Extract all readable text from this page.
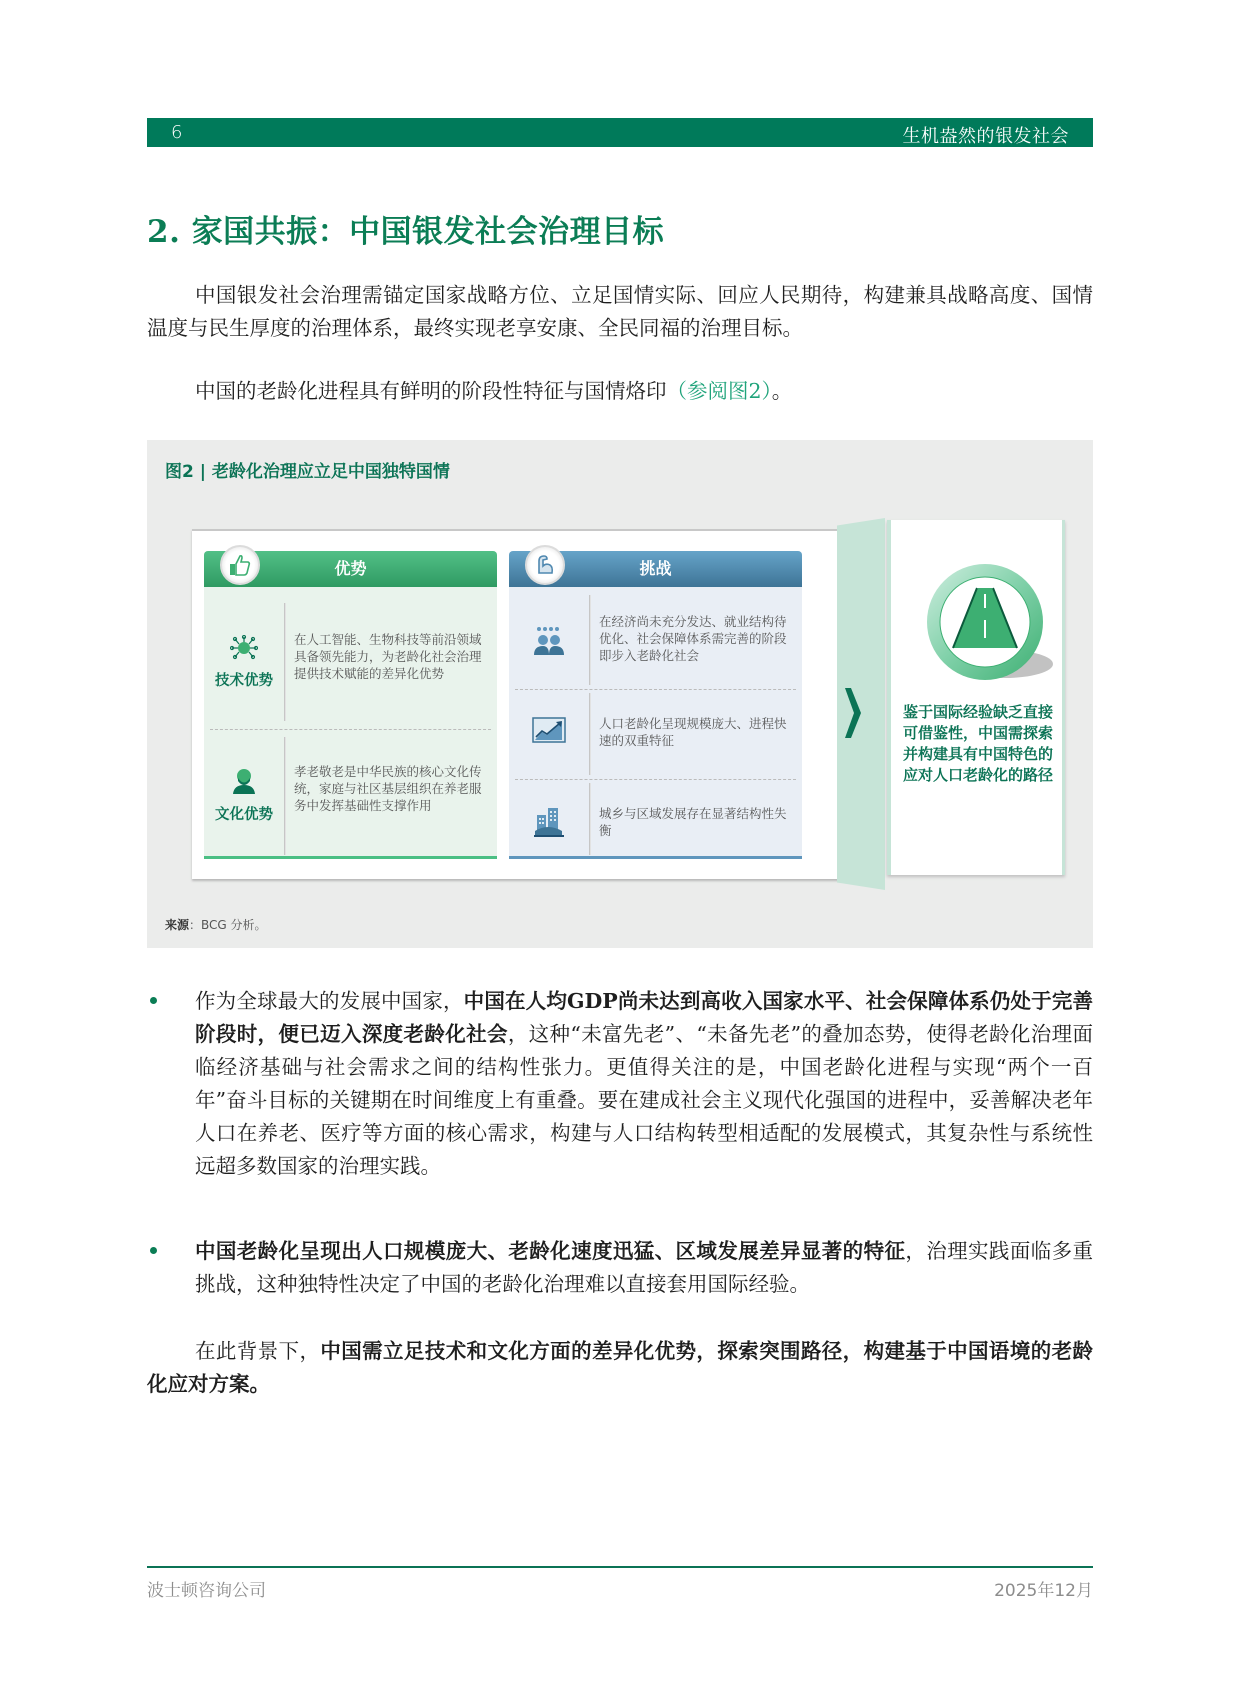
6	生机盎然的银发社会
2. 家国共振：中国银发社会治理目标

中国银发社会治理需锚定国家战略方位、立足国情实际、回应人民期待，构建兼具战略高度、国情温度与民生厚度的治理体系，最终实现老享安康、全民同福的治理目标。

中国的老龄化进程具有鲜明的阶段性特征与国情烙印（参阅图2）。

图2 | 老龄化治理应立足中国独特国情
优势
技术优势
在人工智能、生物科技等前沿领域具备领先能力，为老龄化社会治理提供技术赋能的差异化优势
文化优势
孝老敬老是中华民族的核心文化传统，家庭与社区基层组织在养老服务中发挥基础性支撑作用
挑战
在经济尚未充分发达、就业结构待优化、社会保障体系需完善的阶段即步入老龄化社会
人口老龄化呈现规模庞大、进程快速的双重特征
城乡与区域发展存在显著结构性失衡
鉴于国际经验缺乏直接可借鉴性，中国需探索并构建具有中国特色的应对人口老龄化的路径
来源：BCG 分析。

作为全球最大的发展中国家，中国在人均GDP尚未达到高收入国家水平、社会保障体系仍处于完善阶段时，便已迈入深度老龄化社会，这种“未富先老”、“未备先老”的叠加态势，使得老龄化治理面临经济基础与社会需求之间的结构性张力。更值得关注的是，中国老龄化进程与实现“两个一百年”奋斗目标的关键期在时间维度上有重叠。要在建成社会主义现代化强国的进程中，妥善解决老年人口在养老、医疗等方面的核心需求，构建与人口结构转型相适配的发展模式，其复杂性与系统性远超多数国家的治理实践。

中国老龄化呈现出人口规模庞大、老龄化速度迅猛、区域发展差异显著的特征，治理实践面临多重挑战，这种独特性决定了中国的老龄化治理难以直接套用国际经验。

在此背景下，中国需立足技术和文化方面的差异化优势，探索突围路径，构建基于中国语境的老龄化应对方案。

波士顿咨询公司	2025年12月
